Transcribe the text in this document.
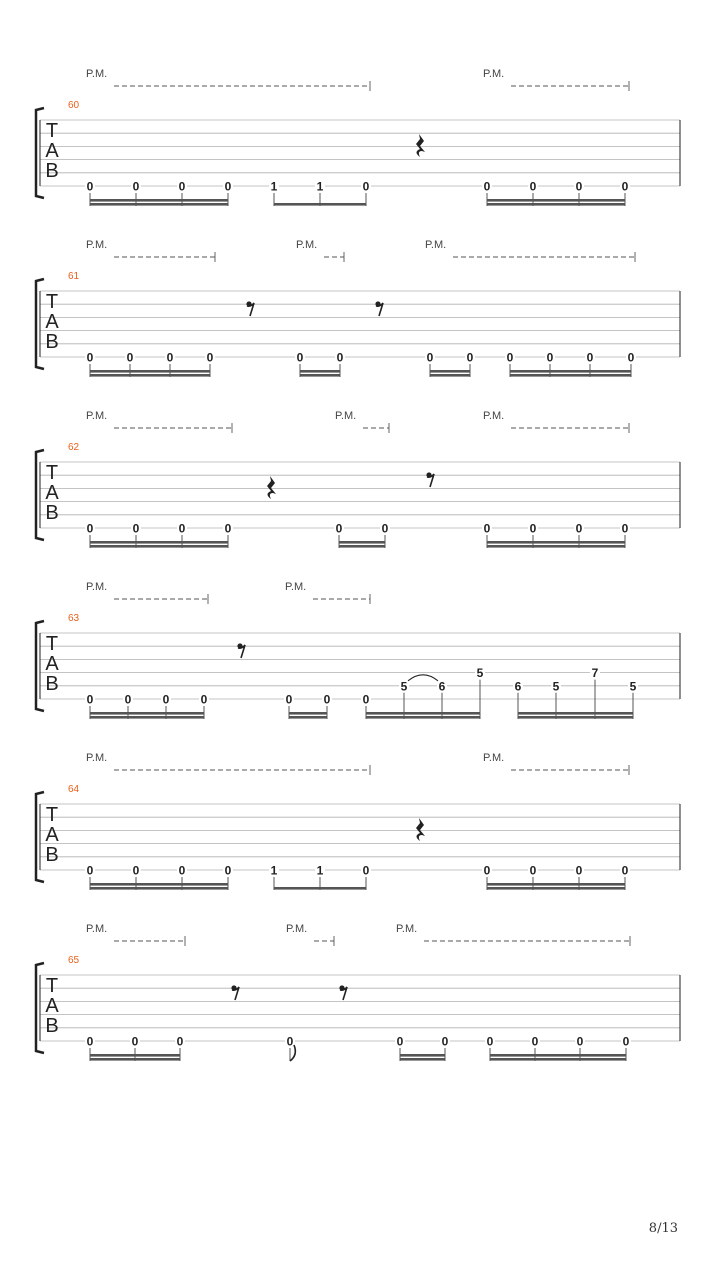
60
T
A
B
P.M.	P.M.
0	0	0	0	1	1	0	0	0	0	0
61
T
A
B
P.M.	P.M.	P.M.
0	0	0	0	0	0	0	0	0	0	0	0
62
T
A
B
P.M.	P.M.	P.M.
0	0	0	0	0	0	0	0	0	0
63
T
A
B
P.M.	P.M.
0	0	0	0	0	0	0
5	6
5
6	5
7
5
64
T
A
B
P.M.	P.M.
0	0	0	0	1	1	0	0	0	0	0
65
T
A
B
P.M.	P.M.	P.M.
0	0	0	0	0	0	0	0	0	0
8/13
